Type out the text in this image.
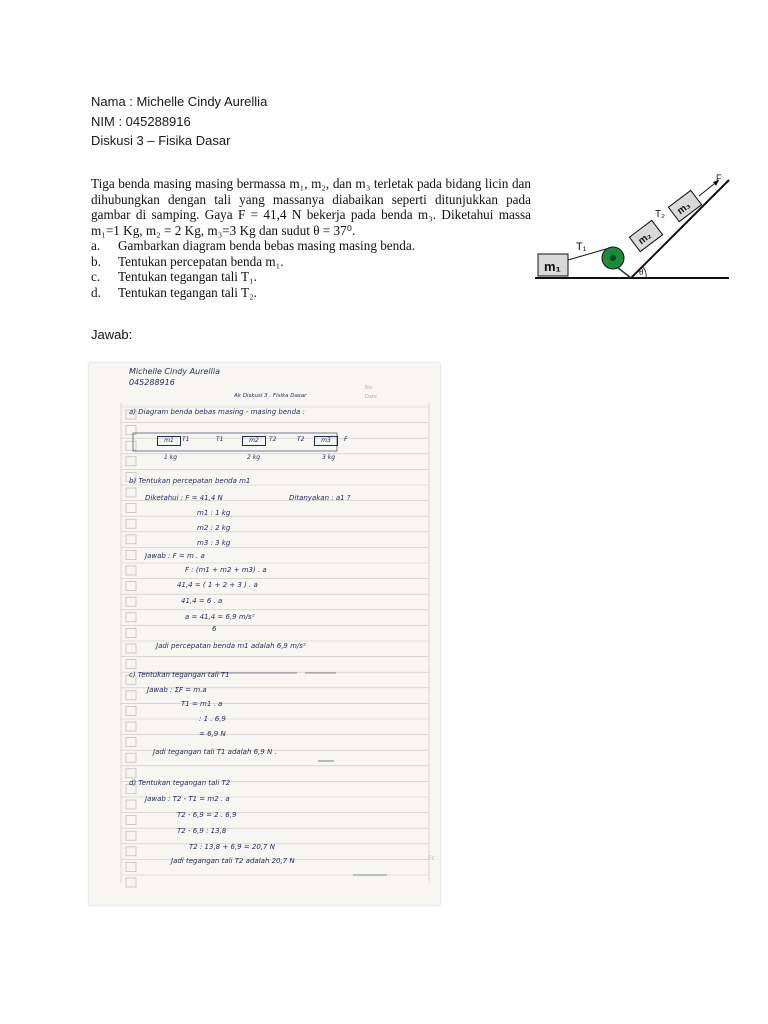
Nama : Michelle Cindy Aurellia
NIM : 045288916
Diskusi 3 – Fisika Dasar

Tiga benda masing masing bermassa m₁, m₂, dan m₃ terletak pada bidang licin dan dihubungkan dengan tali yang massanya diabaikan seperti ditunjukkan pada gambar di samping. Gaya F = 41,4 N bekerja pada benda m₃. Diketahui massa m₁=1 Kg, m₂ = 2 Kg, m₃=3 Kg dan sudut θ = 37⁰.

a.	Gambarkan diagram benda bebas masing masing benda.
b.	Tentukan percepatan benda m₁.
c.	Tentukan tegangan tali T₁.
d.	Tentukan tegangan tali T₂.
m₁
T₁	m₂
m₃
T₂
F
θ
Jawab:
Michelle Cindy Aurellia
045288916
Ak Diskusi 3 . Fisika Dasar
No.
Date
a) Diagram benda bebas masing - masing benda :
m1	T1	T1	m2	T2	T2	m3	F
1 kg	2 kg	3 kg
b) Tentukan percepatan benda m1
Diketahui : F = 41,4 N	Ditanyakan : a1 ?
m1 : 1 kg
m2 : 2 kg
m3 : 3 kg
Jawab : F = m . a
F : (m1 + m2 + m3) . a
41,4 = ( 1 + 2 + 3 ) . a
41,4 = 6 . a
a = 41,4 = 6,9 m/s²
6
Jadi percepatan benda m1 adalah 6,9 m/s²
c) Tentukan tegangan tali T1
Jawab : ΣF = m.a
T1 = m1 . a
: 1 . 6,9
= 6,9 N
Jadi tegangan tali T1 adalah 6,9 N .
d) Tentukan tegangan tali T2
Jawab : T2 - T1 = m2 . a
T2 - 6,9 = 2 . 6,9
T2 - 6,9 : 13,8
T2 : 13,8 + 6,9 = 20,7 N
Jadi tegangan tali T2 adalah 20,7 N	Fc
